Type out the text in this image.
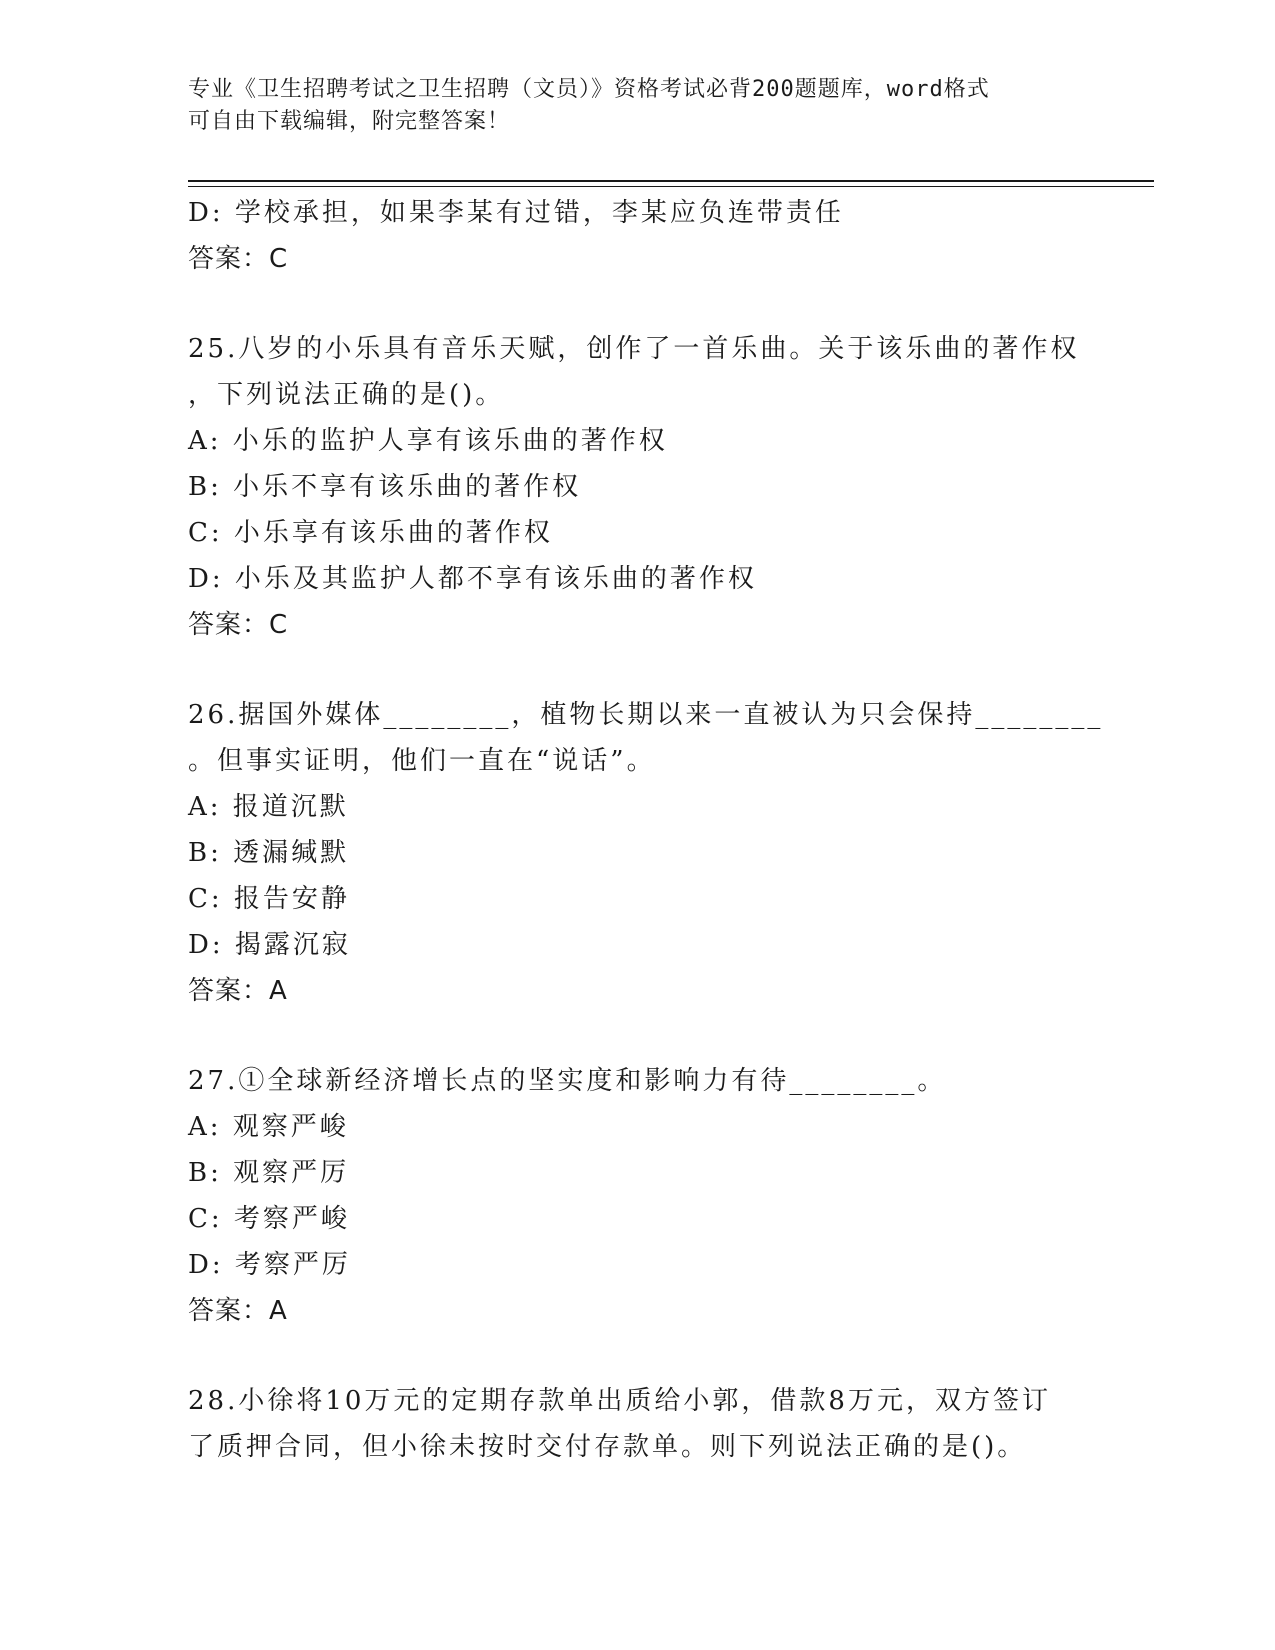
专业《卫生招聘考试之卫生招聘（文员）》资格考试必背200题题库，word格式
可自由下载编辑，附完整答案！
D: 学校承担，如果李某有过错，李某应负连带责任
答案：C
25.八岁的小乐具有音乐天赋，创作了一首乐曲。关于该乐曲的著作权
，下列说法正确的是()。
A: 小乐的监护人享有该乐曲的著作权
B: 小乐不享有该乐曲的著作权
C: 小乐享有该乐曲的著作权
D: 小乐及其监护人都不享有该乐曲的著作权
答案：C
26.据国外媒体________，植物长期以来一直被认为只会保持________
。但事实证明，他们一直在“说话”。
A: 报道沉默
B: 透漏缄默
C: 报告安静
D: 揭露沉寂
答案：A
27.①全球新经济增长点的坚实度和影响力有待________。
A: 观察严峻
B: 观察严厉
C: 考察严峻
D: 考察严厉
答案：A
28.小徐将10万元的定期存款单出质给小郭，借款8万元，双方签订
了质押合同，但小徐未按时交付存款单。则下列说法正确的是()。
